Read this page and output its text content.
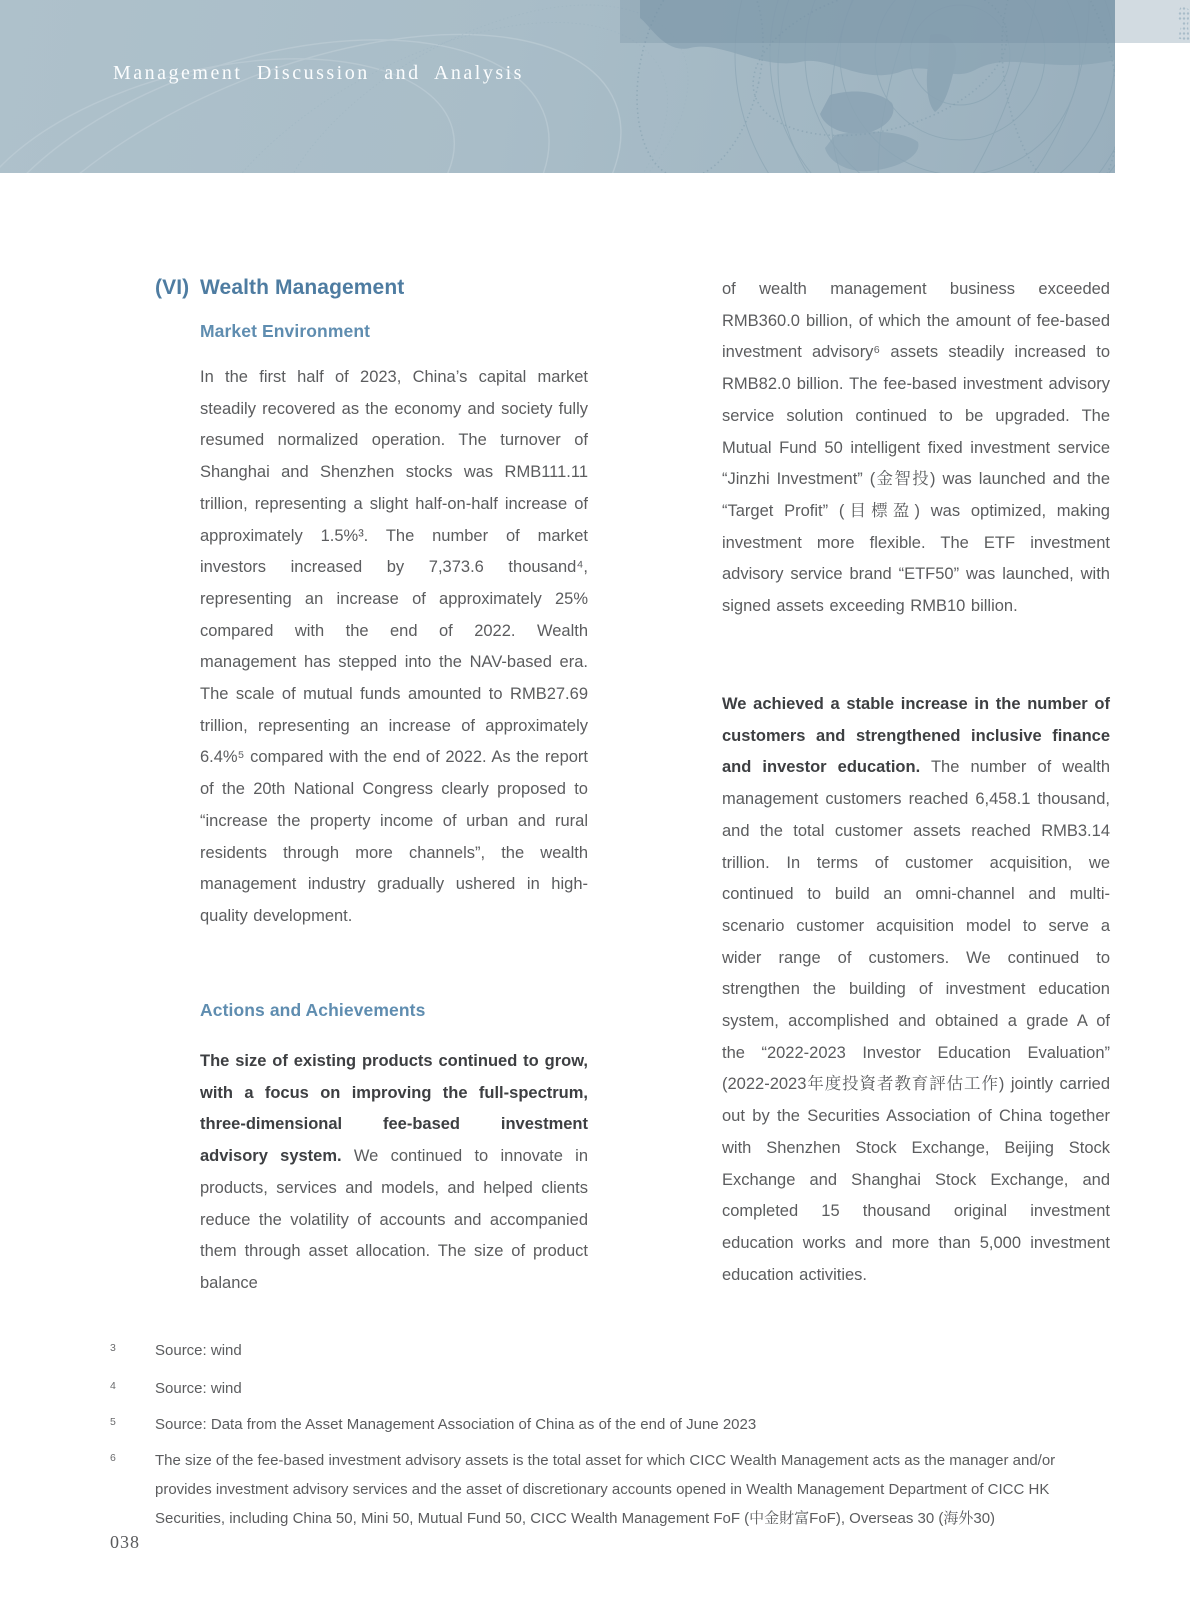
Management Discussion and Analysis
(VI) Wealth Management
Market Environment
In the first half of 2023, China’s capital market steadily recovered as the economy and society fully resumed normalized operation. The turnover of Shanghai and Shenzhen stocks was RMB111.11 trillion, representing a slight half-on-half increase of approximately 1.5%³. The number of market investors increased by 7,373.6 thousand⁴, representing an increase of approximately 25% compared with the end of 2022. Wealth management has stepped into the NAV-based era. The scale of mutual funds amounted to RMB27.69 trillion, representing an increase of approximately 6.4%⁵ compared with the end of 2022. As the report of the 20th National Congress clearly proposed to “increase the property income of urban and rural residents through more channels”, the wealth management industry gradually ushered in high-quality development.
Actions and Achievements
The size of existing products continued to grow, with a focus on improving the full-spectrum, three-dimensional fee-based investment advisory system. We continued to innovate in products, services and models, and helped clients reduce the volatility of accounts and accompanied them through asset allocation. The size of product balance
of wealth management business exceeded RMB360.0 billion, of which the amount of fee-based investment advisory⁶ assets steadily increased to RMB82.0 billion. The fee-based investment advisory service solution continued to be upgraded. The Mutual Fund 50 intelligent fixed investment service “Jinzhi Investment” (金智投) was launched and the “Target Profit” (目標盈) was optimized, making investment more flexible. The ETF investment advisory service brand “ETF50” was launched, with signed assets exceeding RMB10 billion.
We achieved a stable increase in the number of customers and strengthened inclusive finance and investor education. The number of wealth management customers reached 6,458.1 thousand, and the total customer assets reached RMB3.14 trillion. In terms of customer acquisition, we continued to build an omni-channel and multi-scenario customer acquisition model to serve a wider range of customers. We continued to strengthen the building of investment education system, accomplished and obtained a grade A of the “2022-2023 Investor Education Evaluation” (2022-2023年度投資者教育評估工作) jointly carried out by the Securities Association of China together with Shenzhen Stock Exchange, Beijing Stock Exchange and Shanghai Stock Exchange, and completed 15 thousand original investment education works and more than 5,000 investment education activities.
3	Source: wind
4	Source: wind
5	Source: Data from the Asset Management Association of China as of the end of June 2023
6	The size of the fee-based investment advisory assets is the total asset for which CICC Wealth Management acts as the manager and/or provides investment advisory services and the asset of discretionary accounts opened in Wealth Management Department of CICC HK Securities, including China 50, Mini 50, Mutual Fund 50, CICC Wealth Management FoF (中金財富FoF), Overseas 30 (海外30)
038
